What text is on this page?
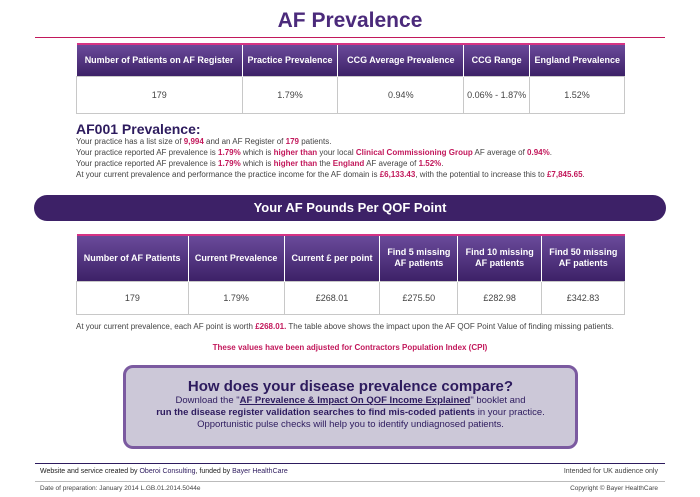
AF Prevalence
Number of Patients on AF Register	Practice Prevalence	CCG Average Prevalence	CCG Range	England Prevalence
179	1.79%	0.94%	0.06% - 1.87%	1.52%
AF001 Prevalence:
Your practice has a list size of 9,994 and an AF Register of 179 patients.
Your practice reported AF prevalence is 1.79% which is higher than your local Clinical Commissioning Group AF average of 0.94%.
Your practice reported AF prevalence is 1.79% which is higher than the England AF average of 1.52%.
At your current prevalence and performance the practice income for the AF domain is £6,133.43, with the potential to increase this to £7,845.65.
Your AF Pounds Per QOF Point
Number of AF Patients	Current Prevalence	Current £ per point	Find 5 missing AF patients	Find 10 missing AF patients	Find 50 missing AF patients
179	1.79%	£268.01	£275.50	£282.98	£342.83
At your current prevalence, each AF point is worth £268.01. The table above shows the impact upon the AF QOF Point Value of finding missing patients.
These values have been adjusted for Contractors Population Index (CPI)
How does your disease prevalence compare?
Download the "AF Prevalence & Impact On QOF Income Explained" booklet and
run the disease register validation searches to find mis-coded patients in your practice.
Opportunistic pulse checks will help you to identify undiagnosed patients.
Website and service created by Oberoi Consulting, funded by Bayer HealthCare	Intended for UK audience only
Date of preparation: January 2014 L.GB.01.2014.5044e	Copyright © Bayer HealthCare
